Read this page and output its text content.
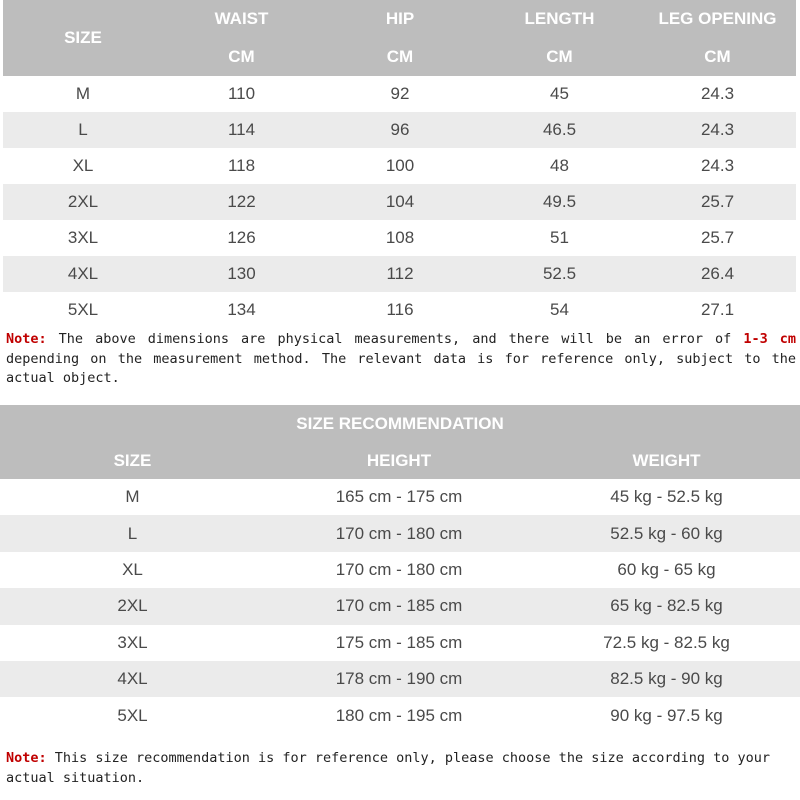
SIZE
WAIST	HIP	LENGTH	LEG OPENING
CM	CM	CM	CM
M	110	92	45	24.3
L	114	96	46.5	24.3
XL	118	100	48	24.3
2XL	122	104	49.5	25.7
3XL	126	108	51	25.7
4XL	130	112	52.5	26.4
5XL	134	116	54	27.1
Note: The above dimensions are physical measurements, and there will be an error of 1-3 cm depending on the measurement method. The relevant data is for reference only, subject to the actual object.
SIZE RECOMMENDATION
SIZE	HEIGHT	WEIGHT
M	165 cm - 175 cm	45 kg - 52.5 kg
L	170 cm - 180 cm	52.5 kg - 60 kg
XL	170 cm - 180 cm	60 kg - 65 kg
2XL	170 cm - 185 cm	65 kg - 82.5 kg
3XL	175 cm - 185 cm	72.5 kg - 82.5 kg
4XL	178 cm - 190 cm	82.5 kg - 90 kg
5XL	180 cm - 195 cm	90 kg - 97.5 kg
Note: This size recommendation is for reference only, please choose the size according to your actual situation.
